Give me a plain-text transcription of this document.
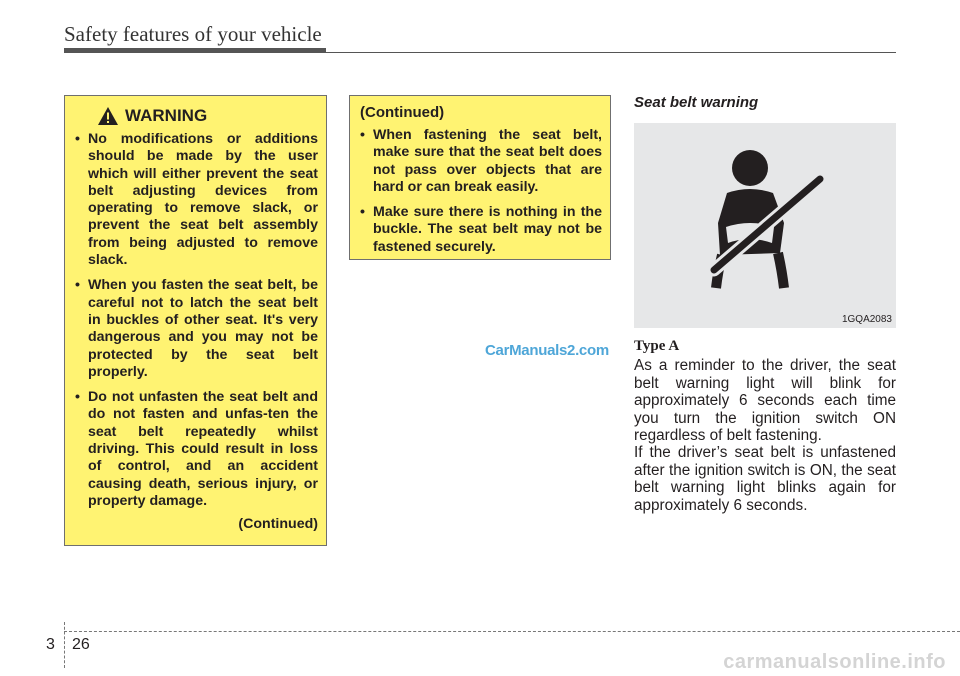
Safety features of your vehicle
WARNING
• No modifications or additions should be made by the user which will either prevent the seat belt adjusting devices from operating to remove slack, or prevent the seat belt assembly from being adjusted to remove slack.
• When you fasten the seat belt, be careful not to latch the seat belt in buckles of other seat. It's very dangerous and you may not be protected by the seat belt properly.
• Do not unfasten the seat belt and do not fasten and unfas-ten the seat belt repeatedly whilst driving. This could result in loss of control, and an accident causing death, serious injury, or property damage.
(Continued)
(Continued)
• When fastening the seat belt, make sure that the seat belt does not pass over objects that are hard or can break easily.
• Make sure there is nothing in the buckle. The seat belt may not be fastened securely.
Seat belt warning
1GQA2083
Type A

As a reminder to the driver, the seat belt warning light will blink for approximately 6 seconds each time you turn the ignition switch ON regardless of belt fastening.

If the driver’s seat belt is unfastened after the ignition switch is ON, the seat belt warning light blinks again for approximately 6 seconds.

CarManuals2.com
3 26
carmanualsonline.info
